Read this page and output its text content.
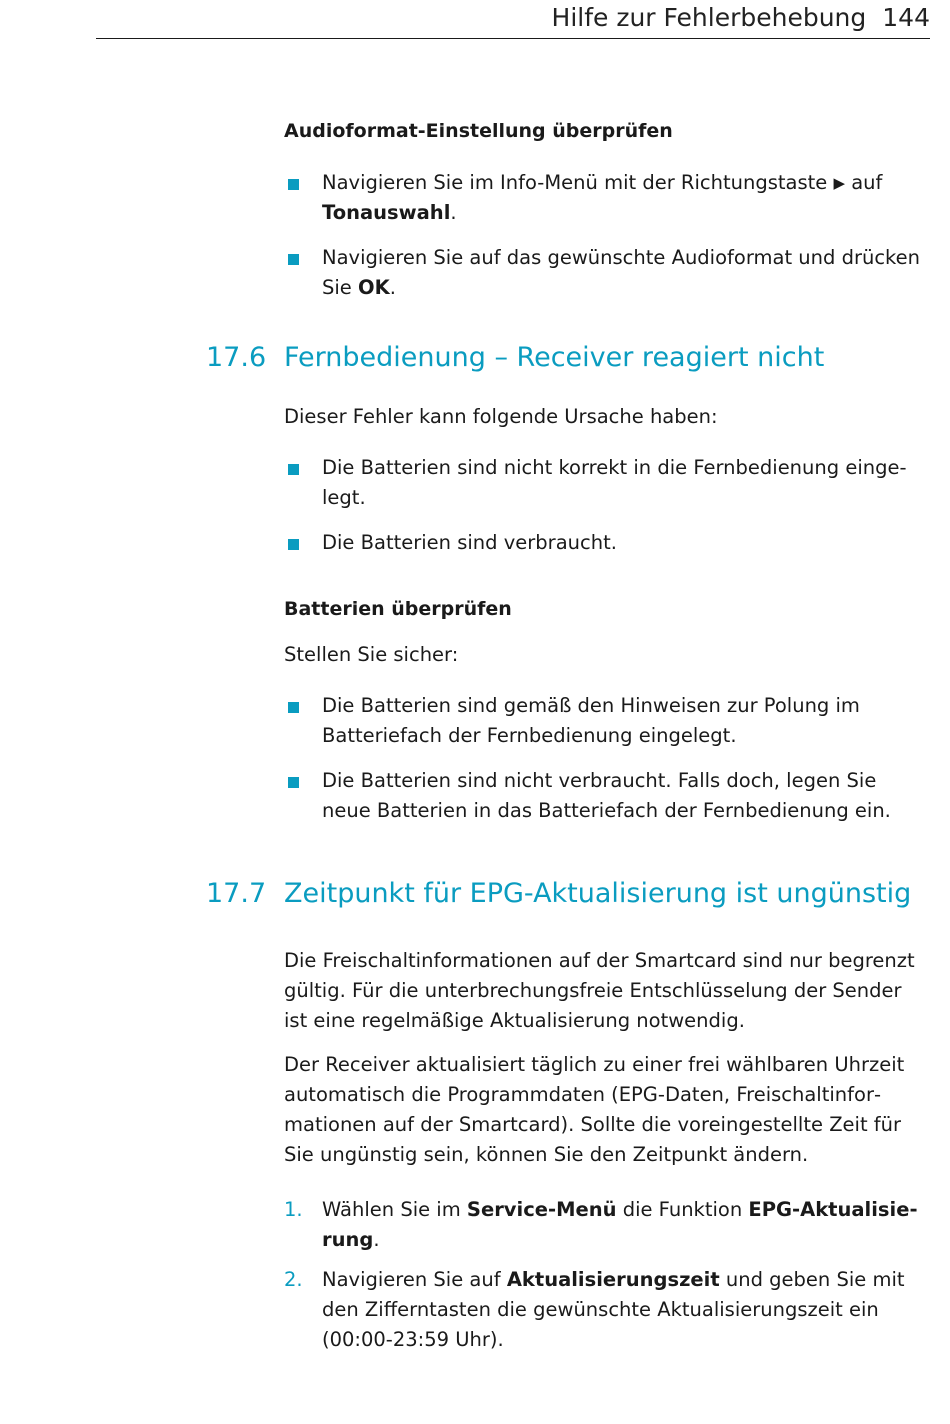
Hilfe zur Fehlerbehebung 144
Audioformat-Einstellung überprüfen
Navigieren Sie im Info-Menü mit der Richtungstaste ▶ auf Tonauswahl.
Navigieren Sie auf das gewünschte Audioformat und drücken Sie OK.
17.6 Fernbedienung – Receiver reagiert nicht
Dieser Fehler kann folgende Ursache haben:
Die Batterien sind nicht korrekt in die Fernbedienung eingelegt.
Die Batterien sind verbraucht.
Batterien überprüfen
Stellen Sie sicher:
Die Batterien sind gemäß den Hinweisen zur Polung im Batteriefach der Fernbedienung eingelegt.
Die Batterien sind nicht verbraucht. Falls doch, legen Sie neue Batterien in das Batteriefach der Fernbedienung ein.
17.7 Zeitpunkt für EPG-Aktualisierung ist ungünstig
Die Freischaltinformationen auf der Smartcard sind nur begrenzt gültig. Für die unterbrechungsfreie Entschlüsselung der Sender ist eine regelmäßige Aktualisierung notwendig.
Der Receiver aktualisiert täglich zu einer frei wählbaren Uhrzeit automatisch die Programmdaten (EPG-Daten, Freischaltinformationen auf der Smartcard). Sollte die voreingestellte Zeit für Sie ungünstig sein, können Sie den Zeitpunkt ändern.
1. Wählen Sie im Service-Menü die Funktion EPG-Aktualisierung.
2. Navigieren Sie auf Aktualisierungszeit und geben Sie mit den Zifferntasten die gewünschte Aktualisierungszeit ein (00:00-23:59 Uhr).
